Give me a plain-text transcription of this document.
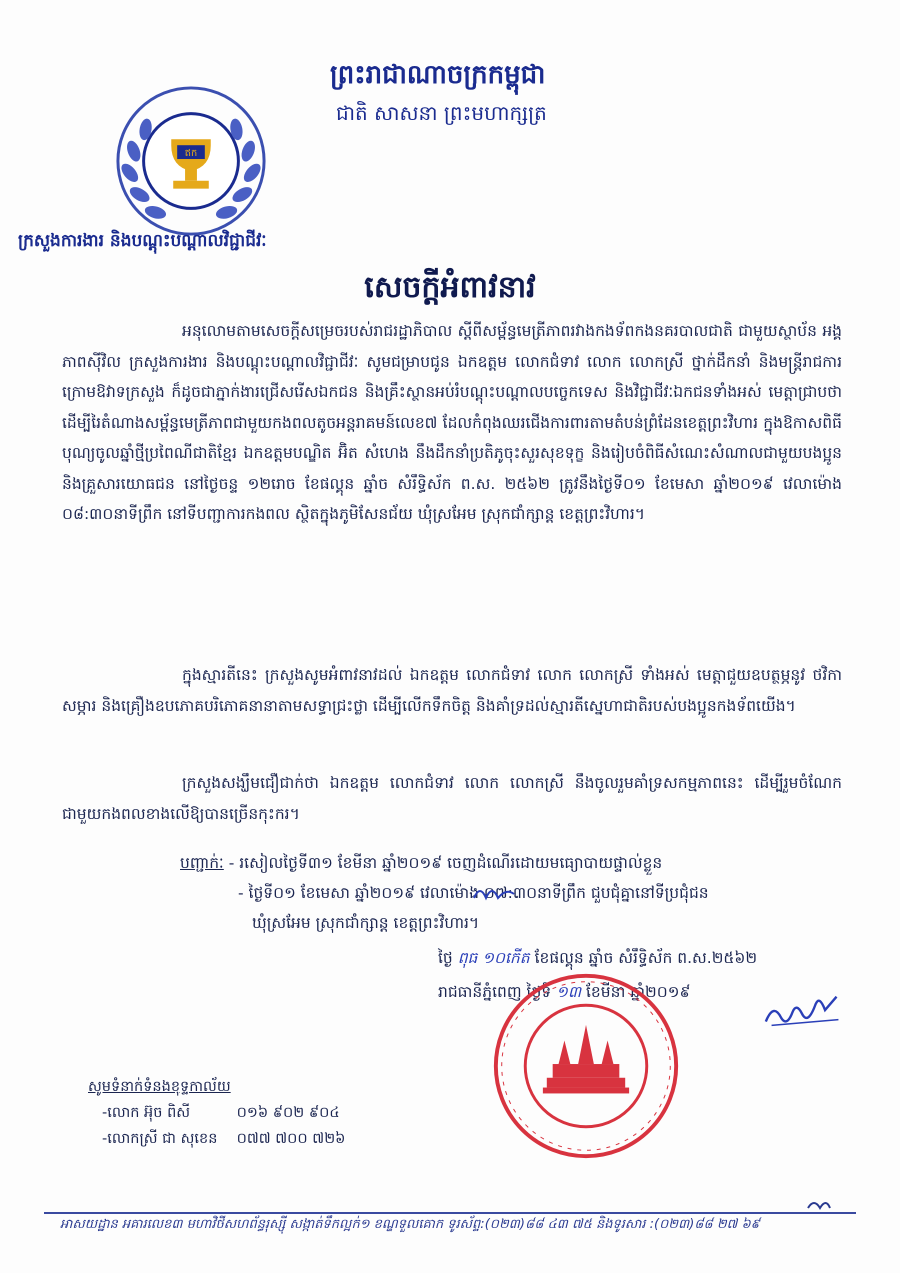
ព្រះរាជាណាចក្រកម្ពុជា
ជាតិ សាសនា ព្រះមហាក្សត្រ
ឥក
ក្រសួងការងារ និងបណ្តុះបណ្តាលវិជ្ជាជីវៈ
សេចក្តីអំពាវនាវ
អនុលោមតាមសេចក្តីសម្រេចរបស់រាជរដ្ឋាភិបាល ស្តីពីសម្ព័ន្ធមេត្រីភាពរវាងកងទ័ពកងនគរបាលជាតិ ជាមួយស្ថាប័ន អង្គភាពស៊ីវិល ក្រសួងការងារ និងបណ្តុះបណ្តាលវិជ្ជាជីវៈ សូមជម្រាបជូន ឯកឧត្តម លោកជំទាវ លោក លោកស្រី ថ្នាក់ដឹកនាំ និងមន្ត្រីរាជការក្រោមឱវាទក្រសួង ក៏ដូចជាភ្នាក់ងារជ្រើសរើសឯកជន និងគ្រឹះស្ថានអប់រំបណ្តុះបណ្តាលបច្ចេកទេស និងវិជ្ជាជីវៈឯកជនទាំងអស់ មេត្តាជ្រាបថា ដើម្បីរៃតំណាងសម្ព័ន្ធមេត្រីភាពជាមួយកងពលតូចអន្តរាគមន៍លេខ៧ ដែលកំពុងឈរជើងការពារតាមតំបន់ព្រំដែនខេត្តព្រះវិហារ ក្នុងឱកាសពិធីបុណ្យចូលឆ្នាំថ្មីប្រពៃណីជាតិខ្មែរ ឯកឧត្តមបណ្ឌិត អ៊ិត សំហេង នឹងដឹកនាំប្រតិភូចុះសួរសុខទុក្ខ និងរៀបចំពិធីសំណេះសំណាលជាមួយបងប្អូន និងគ្រួសារយោធជន នៅថ្ងៃចន្ទ ១២រោច ខែផល្គុន ឆ្នាំច សំរឹទ្ធិស័ក ព.ស. ២៥៦២ ត្រូវនឹងថ្ងៃទី០១ ខែមេសា ឆ្នាំ២០១៩ វេលាម៉ោង ០៨:៣០នាទីព្រឹក នៅទីបញ្ជាការកងពល ស្ថិតក្នុងភូមិសែនជ័យ ឃុំស្រអែម ស្រុកជាំក្សាន្ត ខេត្តព្រះវិហារ។
ក្នុងស្មារតីនេះ ក្រសួងសូមអំពាវនាវដល់ ឯកឧត្តម លោកជំទាវ លោក លោកស្រី ទាំងអស់ មេត្តាជួយឧបត្ថម្ភនូវ ថវិកា សម្ភារ និងគ្រឿងឧបភោគបរិភោគនានាតាមសទ្ធាជ្រះថ្លា ដើម្បីលើកទឹកចិត្ត និងគាំទ្រដល់ស្មារតីស្នេហាជាតិរបស់បងប្អូនកងទ័ពយើង។
ក្រសួងសង្ឃឹមជឿជាក់ថា ឯកឧត្តម លោកជំទាវ លោក លោកស្រី នឹងចូលរួមគាំទ្រសកម្មភាពនេះ ដើម្បីរួមចំណែកជាមួយកងពលខាងលើឱ្យបានច្រើនកុះករ។
បញ្ជាក់ៈ - រសៀលថ្ងៃទី៣១ ខែមីនា ឆ្នាំ២០១៩ ចេញដំណើរដោយមធ្យោបាយផ្ទាល់ខ្លួន
- ថ្ងៃទី០១ ខែមេសា ឆ្នាំ២០១៩ វេលាម៉ោង ០៧:៣០នាទីព្រឹក ជួបជុំគ្នានៅទីប្រជុំជន
ឃុំស្រអែម ស្រុកជាំក្សាន្ត ខេត្តព្រះវិហារ។
ថ្ងៃ ពុធ ១០កើត ខែផល្គុន ឆ្នាំច សំរឹទ្ធិស័ក ព.ស.២៥៦២
រាជធានីភ្នំពេញ ថ្ងៃទី ១៣ ខែមីនា ឆ្នាំ២០១៩
សូមទំនាក់ទំនងខុទ្ទកាល័យ
-លោក អ៊ុច ពិសី	០១៦ ៩០២ ៩០៤
-លោកស្រី ជា សុខេន ០៧៧ ៧០០ ៧២៦
អាសយដ្ឋាន អគារលេខ៣ មហាវិថីសហព័ន្ធរុស្ស៊ី សង្កាត់ទឹកល្អក់១ ខណ្ឌទួលគោក ទូរស័ព្ទ:(០២៣)៨៨ ៤៣ ៧៥ និងទូរសារ :(០២៣)៨៨ ២៧ ៦៩
